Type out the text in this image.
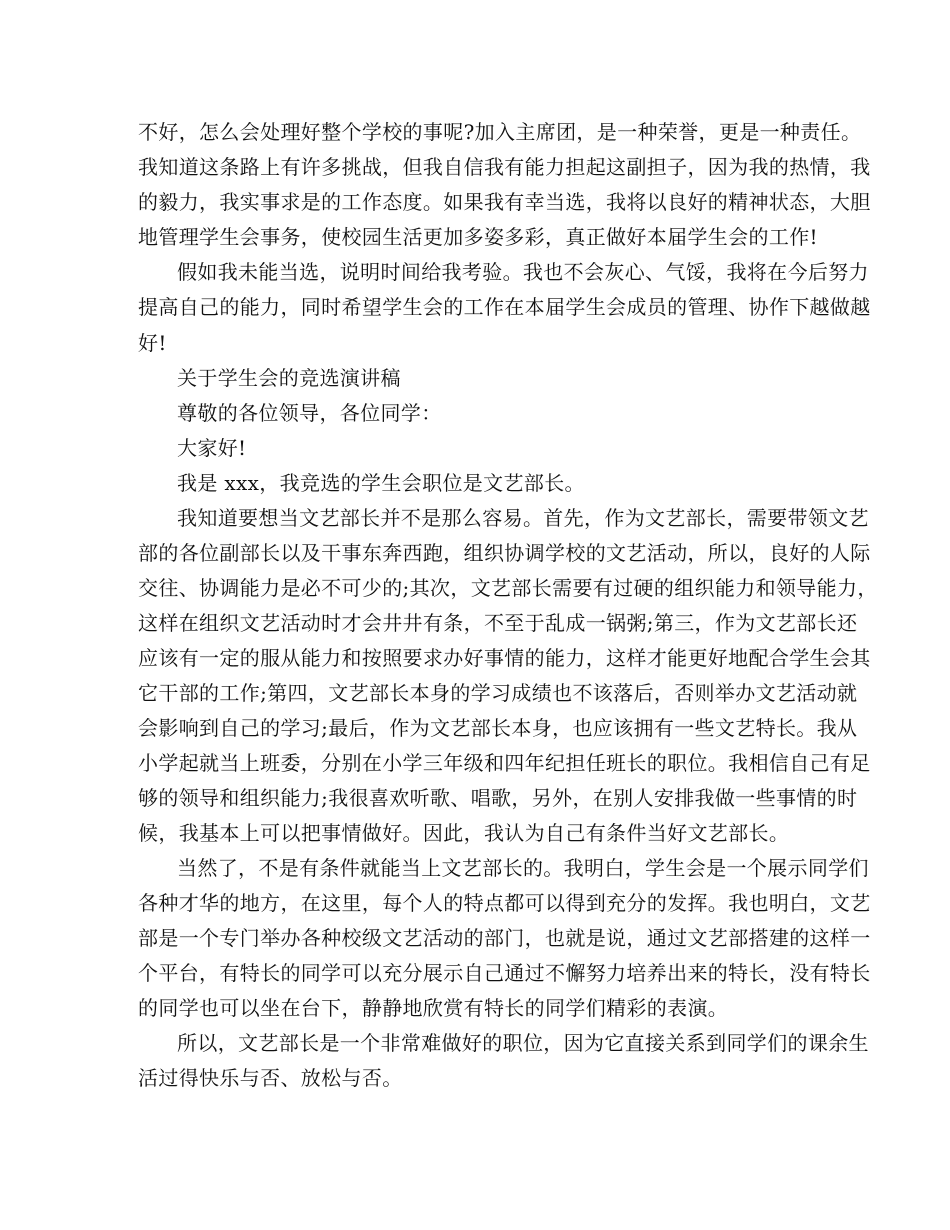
不好，怎么会处理好整个学校的事呢?加入主席团，是一种荣誉，更是一种责任。
我知道这条路上有许多挑战，但我自信我有能力担起这副担子，因为我的热情，我
的毅力，我实事求是的工作态度。如果我有幸当选，我将以良好的精神状态，大胆
地管理学生会事务，使校园生活更加多姿多彩，真正做好本届学生会的工作!
假如我未能当选，说明时间给我考验。我也不会灰心、气馁，我将在今后努力
提高自己的能力，同时希望学生会的工作在本届学生会成员的管理、协作下越做越
好!
关于学生会的竞选演讲稿
尊敬的各位领导，各位同学：
大家好!
我是 xxx，我竞选的学生会职位是文艺部长。
我知道要想当文艺部长并不是那么容易。首先，作为文艺部长，需要带领文艺
部的各位副部长以及干事东奔西跑，组织协调学校的文艺活动，所以，良好的人际
交往、协调能力是必不可少的;其次，文艺部长需要有过硬的组织能力和领导能力，
这样在组织文艺活动时才会井井有条，不至于乱成一锅粥;第三，作为文艺部长还
应该有一定的服从能力和按照要求办好事情的能力，这样才能更好地配合学生会其
它干部的工作;第四，文艺部长本身的学习成绩也不该落后，否则举办文艺活动就
会影响到自己的学习;最后，作为文艺部长本身，也应该拥有一些文艺特长。我从
小学起就当上班委，分别在小学三年级和四年纪担任班长的职位。我相信自己有足
够的领导和组织能力;我很喜欢听歌、唱歌，另外，在别人安排我做一些事情的时
候，我基本上可以把事情做好。因此，我认为自己有条件当好文艺部长。
当然了，不是有条件就能当上文艺部长的。我明白，学生会是一个展示同学们
各种才华的地方，在这里，每个人的特点都可以得到充分的发挥。我也明白，文艺
部是一个专门举办各种校级文艺活动的部门，也就是说，通过文艺部搭建的这样一
个平台，有特长的同学可以充分展示自己通过不懈努力培养出来的特长，没有特长
的同学也可以坐在台下，静静地欣赏有特长的同学们精彩的表演。
所以，文艺部长是一个非常难做好的职位，因为它直接关系到同学们的课余生
活过得快乐与否、放松与否。
